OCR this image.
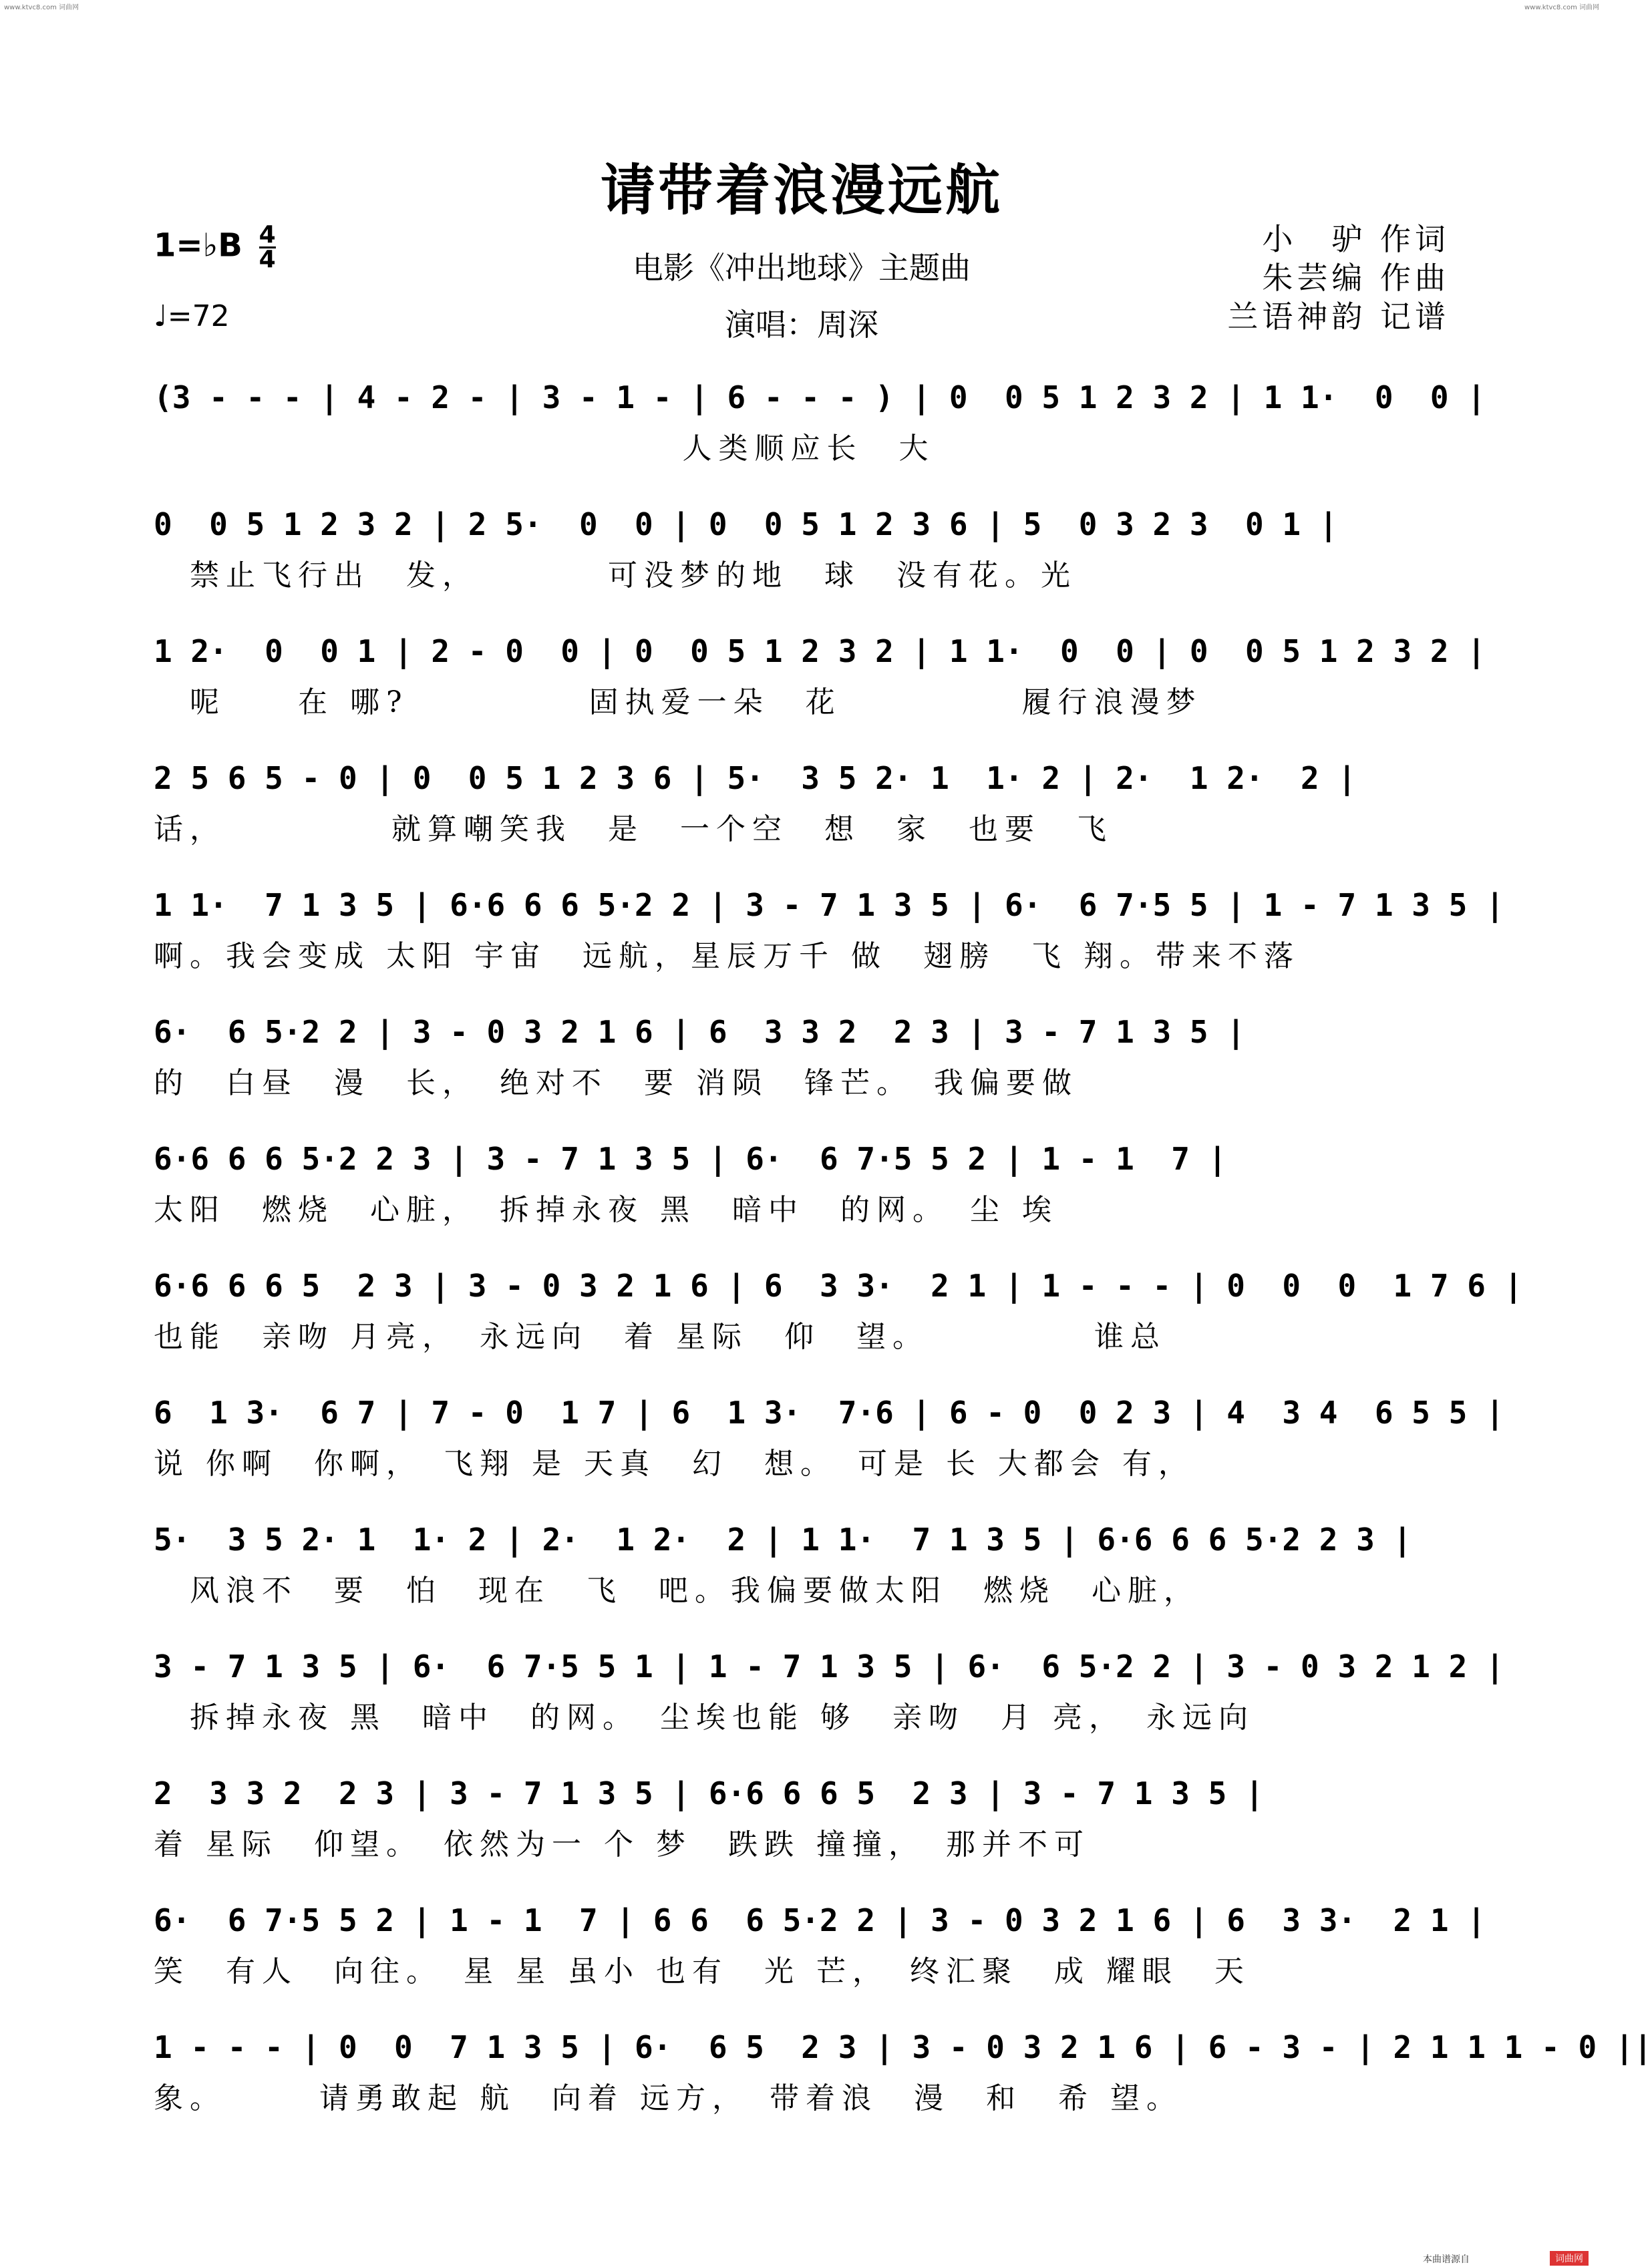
www.ktvc8.com 词曲网	www.ktvc8.com 词曲网
请带着浪漫远航
电影《冲出地球》主题曲
演唱：周深
1=♭B $\frac{4}{4}$
♩=72
小　驴 作词
朱芸编 作曲
兰语神韵 记谱
(3 - - - | 4 - 2 - | 3 - 1 - | 6 - - - ) | 0  0 5 1 2 3 2 | 1 1·  0  0 |
人类顺应长　大
0  0 5 1 2 3 2 | 2 5·  0  0 | 0  0 5 1 2 3 6 | 5  0 3 2 3  0 1 |
　禁止飞行出　发，　　　　可没梦的地　球　没有花。光
1 2·  0  0 1 | 2 - 0  0 | 0  0 5 1 2 3 2 | 1 1·  0  0 | 0  0 5 1 2 3 2 |
　呢　　在 哪?　　　　　固执爱一朵　花　　　　　履行浪漫梦
2 5 6 5 - 0 | 0  0 5 1 2 3 6 | 5·  3 5 2· 1  1· 2 | 2·  1 2·  2 |
话，　　　　　就算嘲笑我　是　一个空　想　家　也要　飞
1 1·  7 1 3 5 | 6·6 6 6 5·2 2 | 3 - 7 1 3 5 | 6·  6 7·5 5 | 1 - 7 1 3 5 |
啊。我会变成 太阳 宇宙　远航，星辰万千 做　翅膀　飞 翔。带来不落
6·  6 5·2 2 | 3 - 0 3 2 1 6 | 6  3 3 2  2 3 | 3 - 7 1 3 5 |
的　白昼　漫　长，　绝对不　要 消陨　锋芒。　我偏要做
6·6 6 6 5·2 2 3 | 3 - 7 1 3 5 | 6·  6 7·5 5 2 | 1 - 1  7 |
太阳　燃烧　心脏，　拆掉永夜 黑　暗中　的网。　尘 埃
6·6 6 6 5  2 3 | 3 - 0 3 2 1 6 | 6  3 3·  2 1 | 1 - - - | 0  0  0  1 7 6 |
也能　亲吻 月亮，　永远向　着 星际　仰　望。　　　　　谁总
6  1 3·  6 7 | 7 - 0  1 7 | 6  1 3·  7·6 | 6 - 0  0 2 3 | 4  3 4  6 5 5 |
说 你啊　你啊，　飞翔 是 天真　幻　想。　可是 长 大都会 有，
5·  3 5 2· 1  1· 2 | 2·  1 2·  2 | 1 1·  7 1 3 5 | 6·6 6 6 5·2 2 3 |
　风浪不　要　怕　现在　飞　吧。我偏要做太阳　燃烧　心脏，
3 - 7 1 3 5 | 6·  6 7·5 5 1 | 1 - 7 1 3 5 | 6·  6 5·2 2 | 3 - 0 3 2 1 2 |
　拆掉永夜 黑　暗中　的网。　尘埃也能 够　亲吻　月 亮，　永远向
2  3 3 2  2 3 | 3 - 7 1 3 5 | 6·6 6 6 5  2 3 | 3 - 7 1 3 5 |
着 星际　仰望。　依然为一 个 梦　跌跌 撞撞，　那并不可
6·  6 7·5 5 2 | 1 - 1  7 | 6 6  6 5·2 2 | 3 - 0 3 2 1 6 | 6  3 3·  2 1 |
笑　有人　向往。　星 星 虽小 也有　光 芒，　终汇聚　成 耀眼　天
1 - - - | 0  0  7 1 3 5 | 6·  6 5  2 3 | 3 - 0 3 2 1 6 | 6 - 3 - | 2 1 1 1 - 0 ||
象。　　　请勇敢起 航　向着 远方，　带着浪　漫　和　希 望。
本曲谱源自	词曲网
